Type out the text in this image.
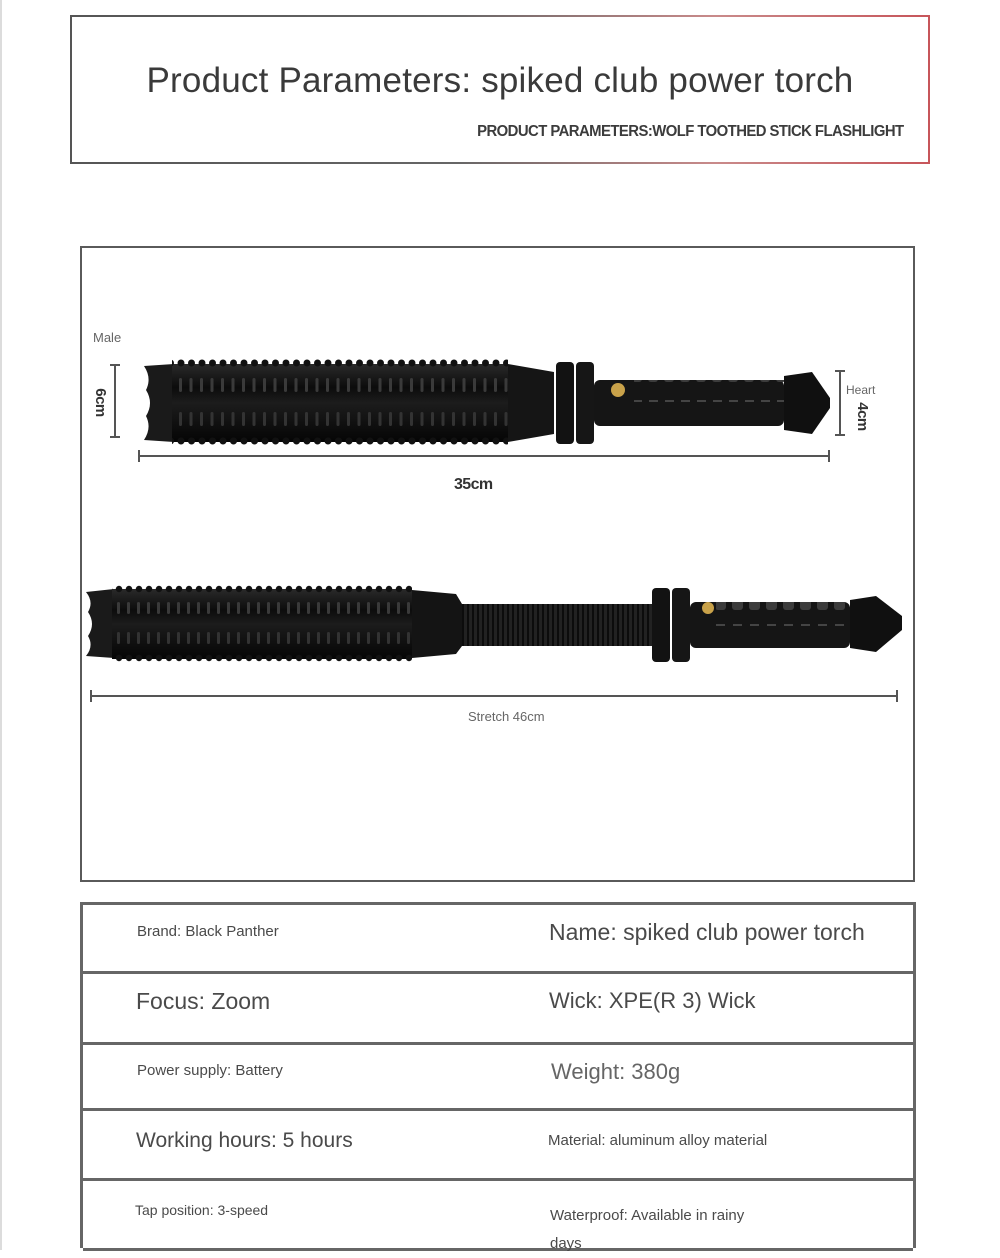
Product Parameters: spiked club power torch
PRODUCT PARAMETERS:WOLF TOOTHED STICK FLASHLIGHT
Male
6cm	Heart
4cm
35cm
Stretch 46cm
Brand: Black Panther	Name: spiked club power torch
Focus: Zoom	Wick: XPE(R 3) Wick
Power supply: Battery	Weight: 380g
Working hours: 5 hours	Material: aluminum alloy material
Tap position: 3-speed	Waterproof: Available in rainy days
